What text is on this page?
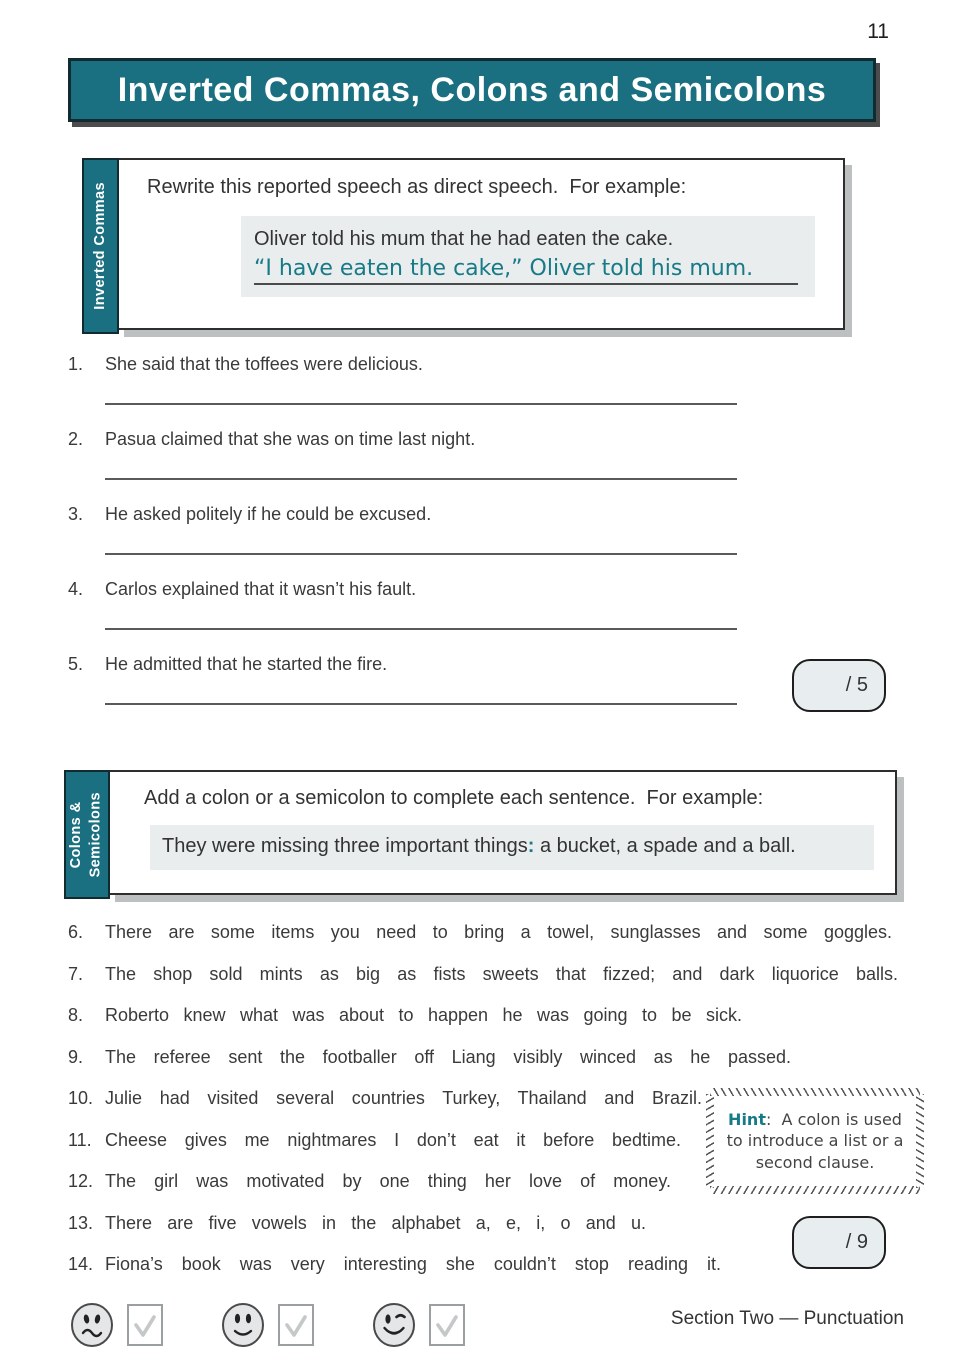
11
Inverted Commas, Colons and Semicolons
Inverted Commas Rewrite this reported speech as direct speech.  For example:
Oliver told his mum that he had eaten the cake.
“I have eaten the cake,” Oliver told his mum.
1.	She said that the toffees were delicious.
2.	Pasua claimed that she was on time last night.
3.	He asked politely if he could be excused.
4.	Carlos explained that it wasn’t his fault.
5.	He admitted that he started the fire.
/ 5
Colons & Semicolons Add a colon or a semicolon to complete each sentence.  For example:
They were missing three important things: a bucket, a spade and a ball.
6.	There are some items you need to bring a towel, sunglasses and some goggles.
7.	The shop sold mints as big as fists sweets that fizzed; and dark liquorice balls.
8.	Roberto knew what was about to happen he was going to be sick.
9.	The referee sent the footballer off Liang visibly winced as he passed.
10. Julie had visited several countries Turkey, Thailand and Brazil.
11. Cheese gives me nightmares I don’t eat it before bedtime.
12. The girl was motivated by one thing her love of money.
13. There are five vowels in the alphabet a, e, i, o and u.
14. Fiona’s book was very interesting she couldn’t stop reading it.
Hint:  A colon is used to introduce a list or a second clause.
/ 9
Section Two — Punctuation
